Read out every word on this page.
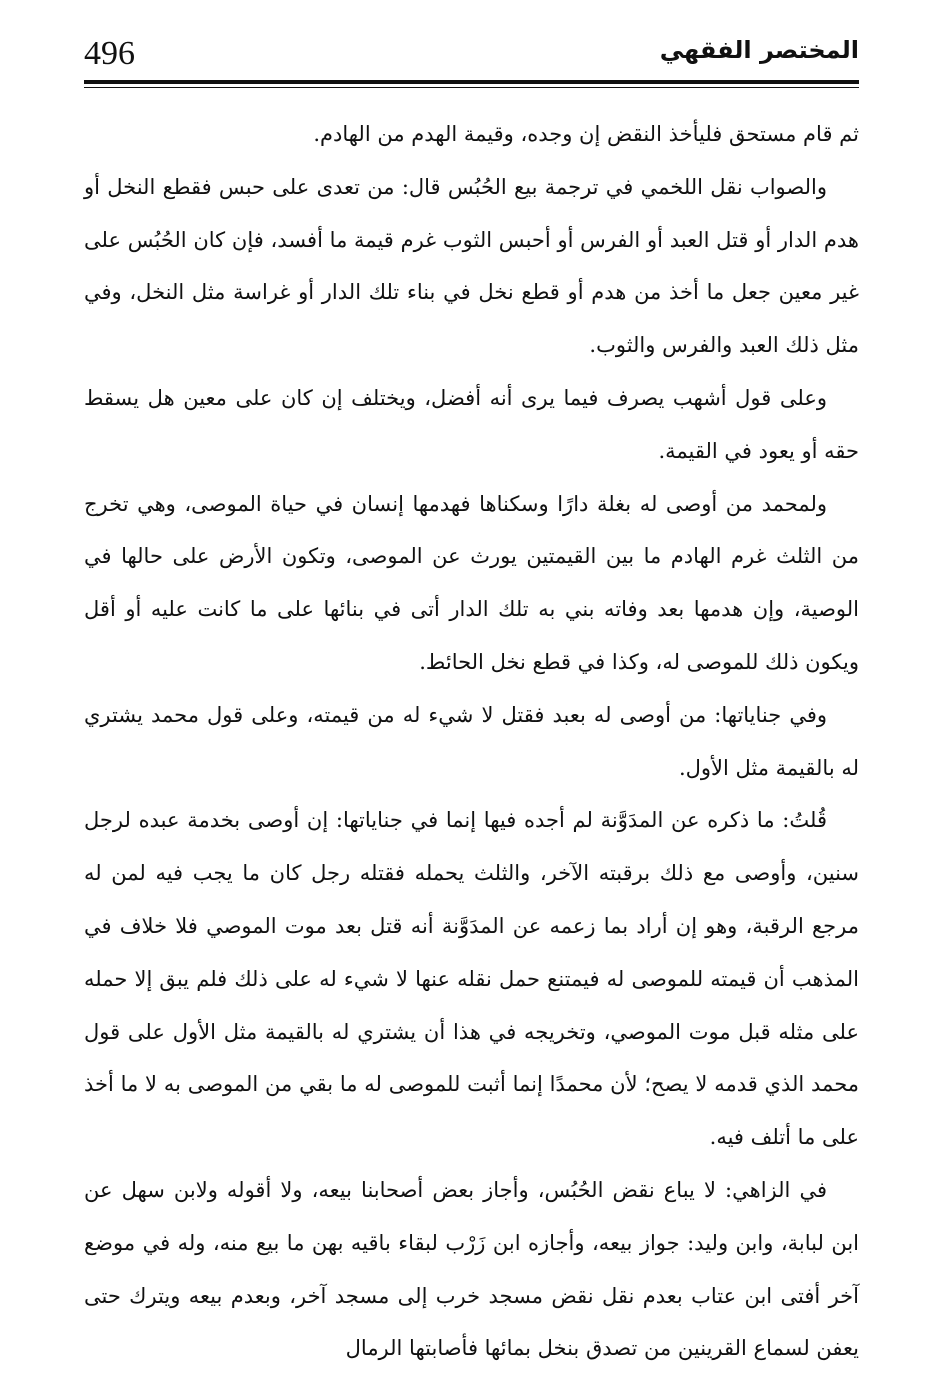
496	المختصر الفقهي

ثم قام مستحق فليأخذ النقض إن وجده، وقيمة الهدم من الهادم.

والصواب نقل اللخمي في ترجمة بيع الحُبُس قال: من تعدى على حبس فقطع النخل أو هدم الدار أو قتل العبد أو الفرس أو أحبس الثوب غرم قيمة ما أفسد، فإن كان الحُبُس على غير معين جعل ما أخذ من هدم أو قطع نخل في بناء تلك الدار أو غراسة مثل النخل، وفي مثل ذلك العبد والفرس والثوب.

وعلى قول أشهب يصرف فيما يرى أنه أفضل، ويختلف إن كان على معين هل يسقط حقه أو يعود في القيمة.

ولمحمد من أوصى له بغلة دارًا وسكناها فهدمها إنسان في حياة الموصى، وهي تخرج من الثلث غرم الهادم ما بين القيمتين يورث عن الموصى، وتكون الأرض على حالها في الوصية، وإن هدمها بعد وفاته بني به تلك الدار أتى في بنائها على ما كانت عليه أو أقل ويكون ذلك للموصى له، وكذا في قطع نخل الحائط.

وفي جناياتها: من أوصى له بعبد فقتل لا شيء له من قيمته، وعلى قول محمد يشتري له بالقيمة مثل الأول.

قُلتُ: ما ذكره عن المدَوَّنة لم أجده فيها إنما في جناياتها: إن أوصى بخدمة عبده لرجل سنين، وأوصى مع ذلك برقبته الآخر، والثلث يحمله فقتله رجل كان ما يجب فيه لمن له مرجع الرقبة، وهو إن أراد بما زعمه عن المدَوَّنة أنه قتل بعد موت الموصي فلا خلاف في المذهب أن قيمته للموصى له فيمتنع حمل نقله عنها لا شيء له على ذلك فلم يبق إلا حمله على مثله قبل موت الموصي، وتخريجه في هذا أن يشتري له بالقيمة مثل الأول على قول محمد الذي قدمه لا يصح؛ لأن محمدًا إنما أثبت للموصى له ما بقي من الموصى به لا ما أخذ على ما أتلف فيه.

في الزاهي: لا يباع نقض الحُبُس، وأجاز بعض أصحابنا بيعه، ولا أقوله ولابن سهل عن ابن لبابة، وابن وليد: جواز بيعه، وأجازه ابن زَرْب لبقاء باقيه بهن ما بيع منه، وله في موضع آخر أفتى ابن عتاب بعدم نقل نقض مسجد خرب إلى مسجد آخر، وبعدم بيعه ويترك حتى يعفن لسماع القرينين من تصدق بنخل بمائها فأصابتها الرمال
